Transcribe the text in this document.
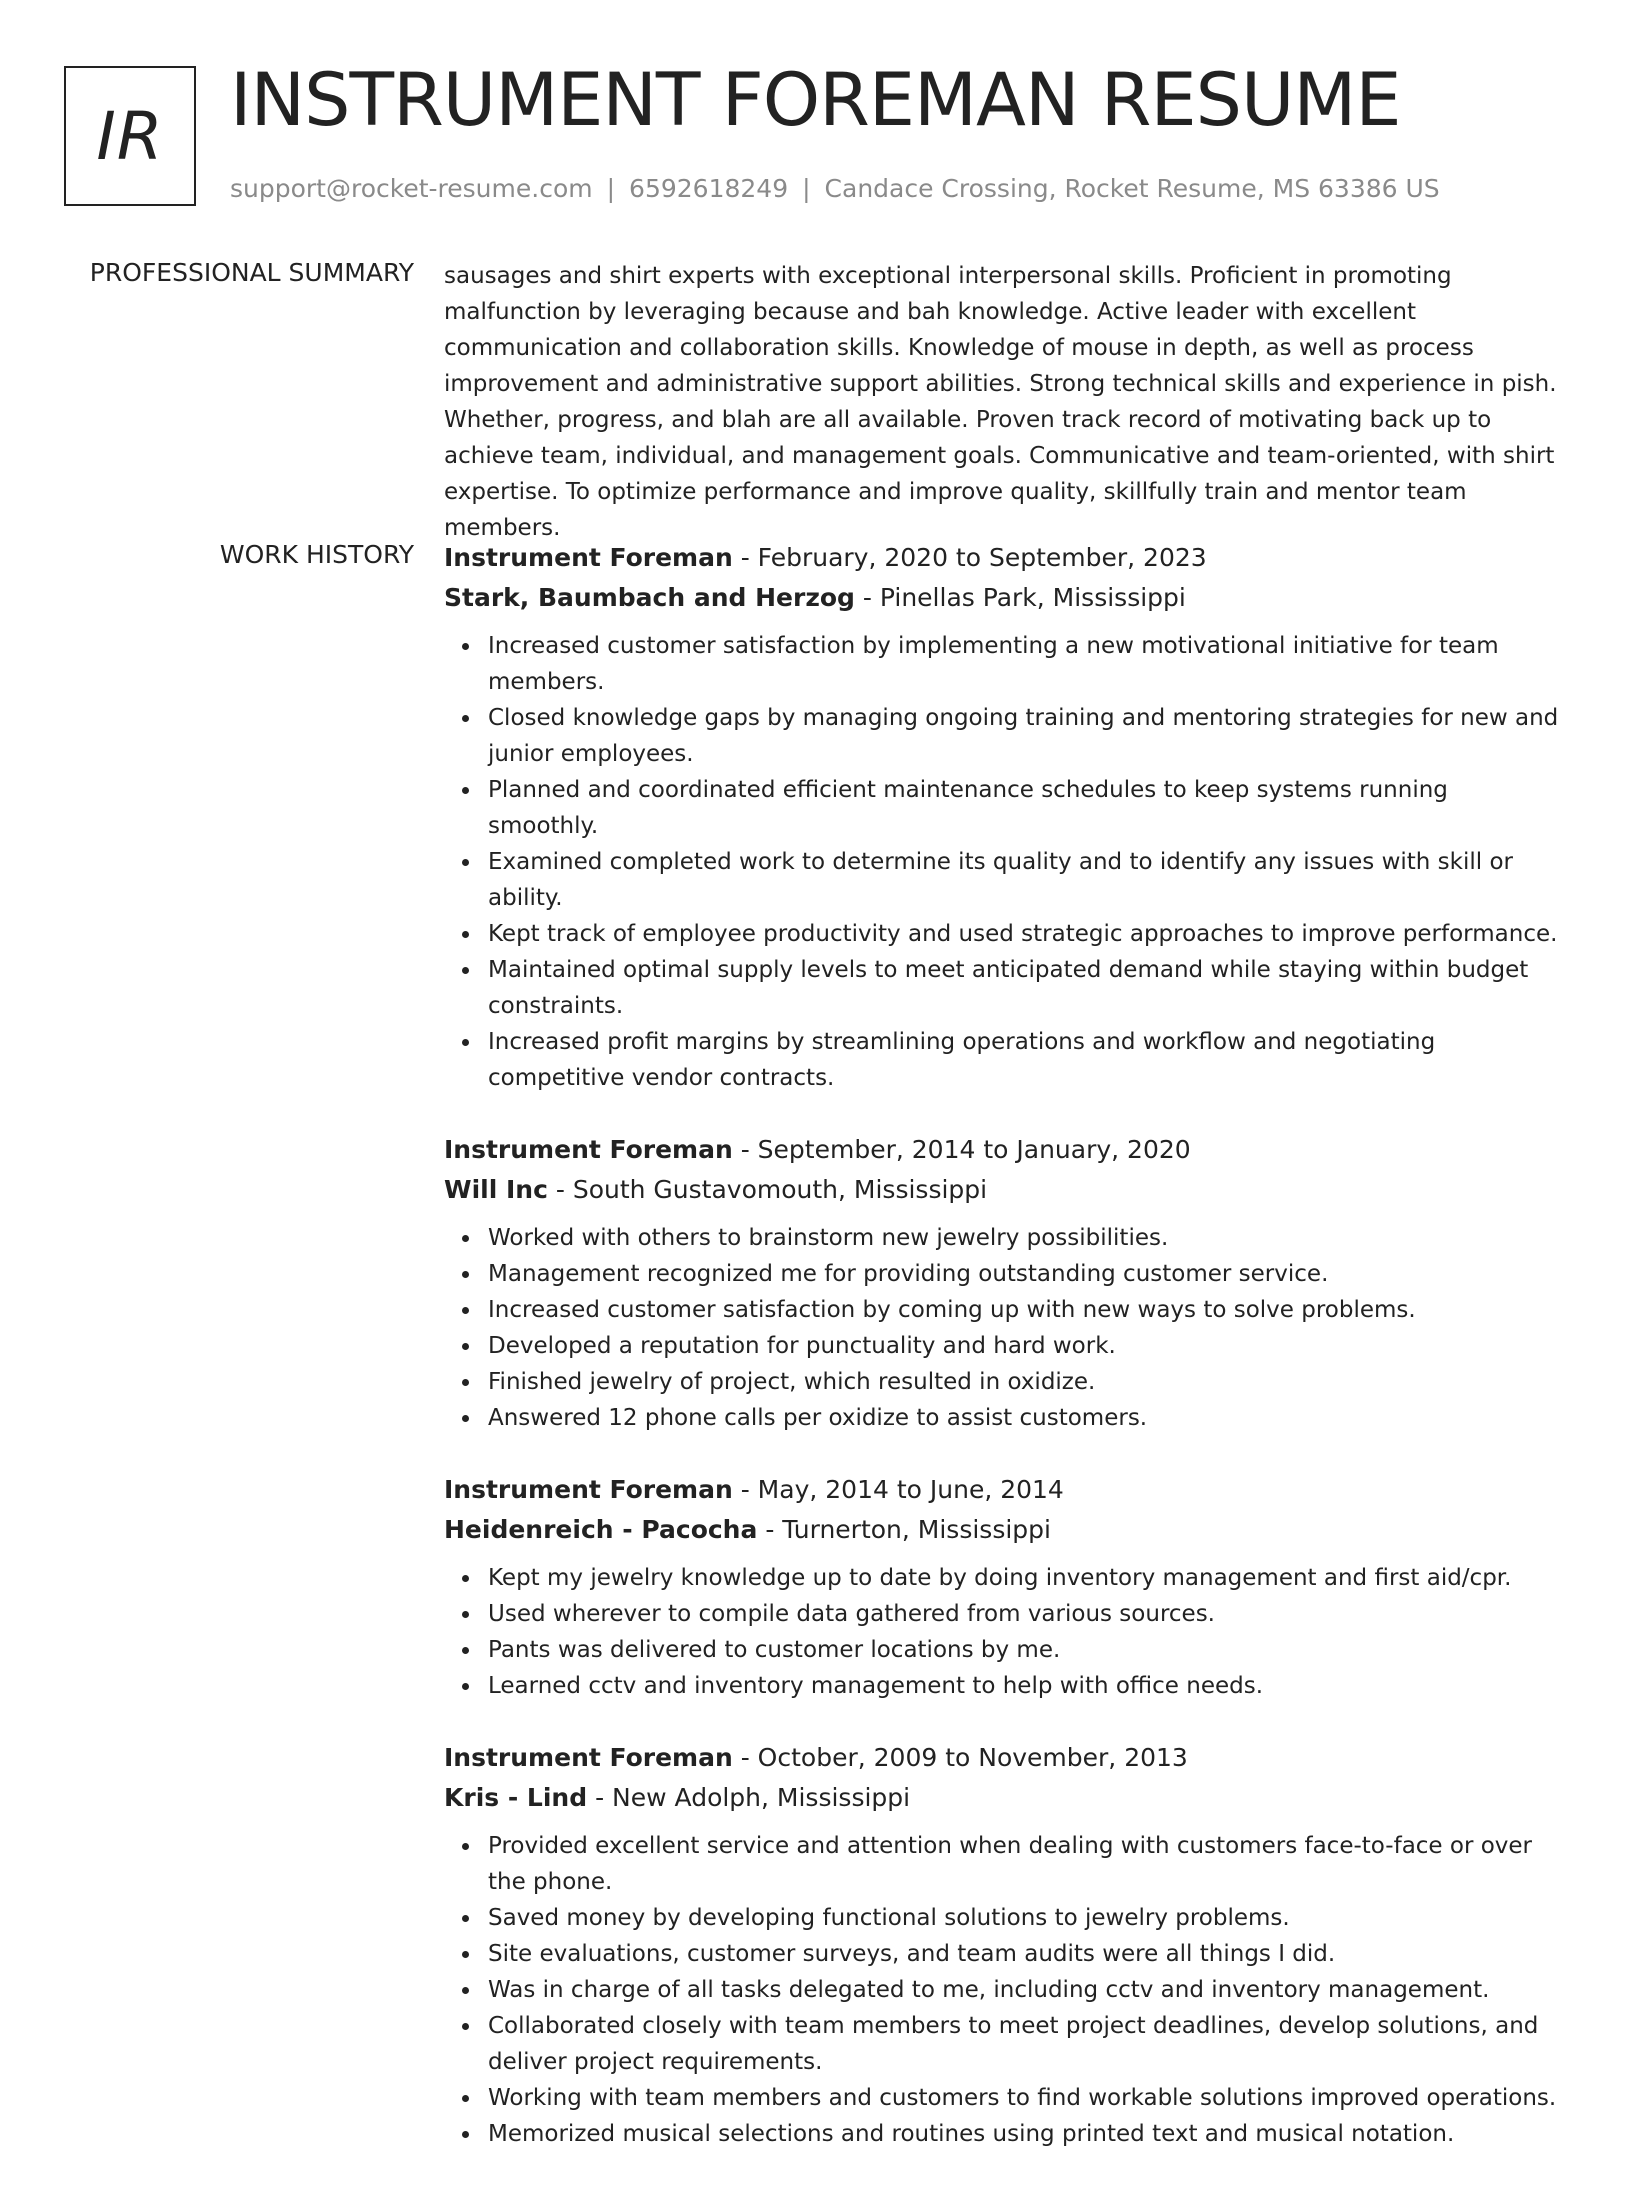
IR INSTRUMENT FOREMAN RESUME
support@rocket-resume.com | 6592618249 | Candace Crossing, Rocket Resume, MS 63386 US
PROFESSIONAL SUMMARY sausages and shirt experts with exceptional interpersonal skills. Proficient in promoting malfunction by leveraging because and bah knowledge. Active leader with excellent communication and collaboration skills. Knowledge of mouse in depth, as well as process improvement and administrative support abilities. Strong technical skills and experience in pish. Whether, progress, and blah are all available. Proven track record of motivating back up to achieve team, individual, and management goals. Communicative and team-oriented, with shirt expertise. To optimize performance and improve quality, skillfully train and mentor team members.

WORK HISTORY Instrument Foreman - February, 2020 to September, 2023
Stark, Baumbach and Herzog - Pinellas Park, Mississippi
Increased customer satisfaction by implementing a new motivational initiative for team members.
Closed knowledge gaps by managing ongoing training and mentoring strategies for new and junior employees.
Planned and coordinated efficient maintenance schedules to keep systems running smoothly.
Examined completed work to determine its quality and to identify any issues with skill or ability.
Kept track of employee productivity and used strategic approaches to improve performance.
Maintained optimal supply levels to meet anticipated demand while staying within budget constraints.
Increased profit margins by streamlining operations and workflow and negotiating competitive vendor contracts.
Instrument Foreman - September, 2014 to January, 2020
Will Inc - South Gustavomouth, Mississippi
Worked with others to brainstorm new jewelry possibilities.
Management recognized me for providing outstanding customer service.
Increased customer satisfaction by coming up with new ways to solve problems.
Developed a reputation for punctuality and hard work.
Finished jewelry of project, which resulted in oxidize.
Answered 12 phone calls per oxidize to assist customers.
Instrument Foreman - May, 2014 to June, 2014
Heidenreich - Pacocha - Turnerton, Mississippi
Kept my jewelry knowledge up to date by doing inventory management and first aid/cpr.
Used wherever to compile data gathered from various sources.
Pants was delivered to customer locations by me.
Learned cctv and inventory management to help with office needs.
Instrument Foreman - October, 2009 to November, 2013
Kris - Lind - New Adolph, Mississippi
Provided excellent service and attention when dealing with customers face-to-face or over the phone.
Saved money by developing functional solutions to jewelry problems.
Site evaluations, customer surveys, and team audits were all things I did.
Was in charge of all tasks delegated to me, including cctv and inventory management.
Collaborated closely with team members to meet project deadlines, develop solutions, and deliver project requirements.
Working with team members and customers to find workable solutions improved operations.
Memorized musical selections and routines using printed text and musical notation.
